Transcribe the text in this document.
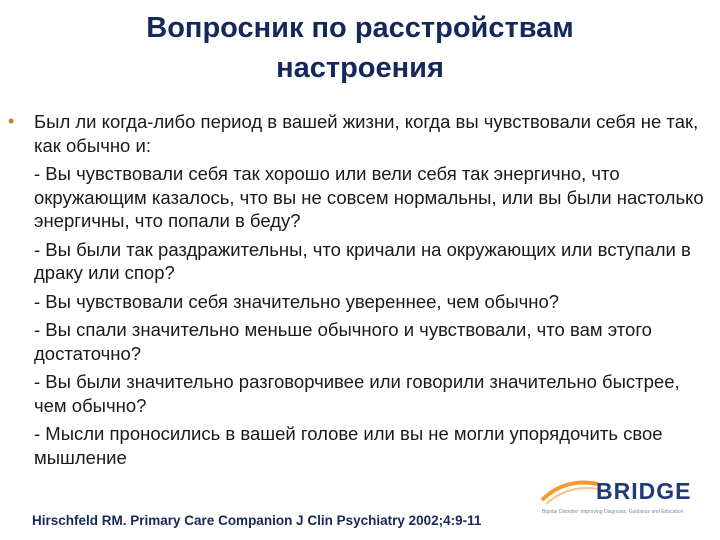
Вопросник по расстройствам
настроения
• Был ли когда-либо период в вашей жизни, когда вы чувствовали себя не так, как обычно и:

- Вы чувствовали себя так хорошо или вели себя так энергично, что окружающим казалось, что вы не совсем нормальны, или вы были настолько энергичны, что попали в беду?

- Вы были так раздражительны, что кричали на окружающих или вступали в драку или спор?

- Вы чувствовали себя значительно увереннее, чем обычно?

- Вы спали значительно меньше обычного и чувствовали, что вам этого достаточно?

- Вы были значительно разговорчивее или говорили значительно быстрее, чем обычно?

- Мысли проносились в вашей голове или вы не могли упорядочить свое мышление

BRIDGE
Bipolar Disorder: Improving Diagnosis, Guidance and Education
Hirschfeld RM. Primary Care Companion J Clin Psychiatry 2002;4:9-11
